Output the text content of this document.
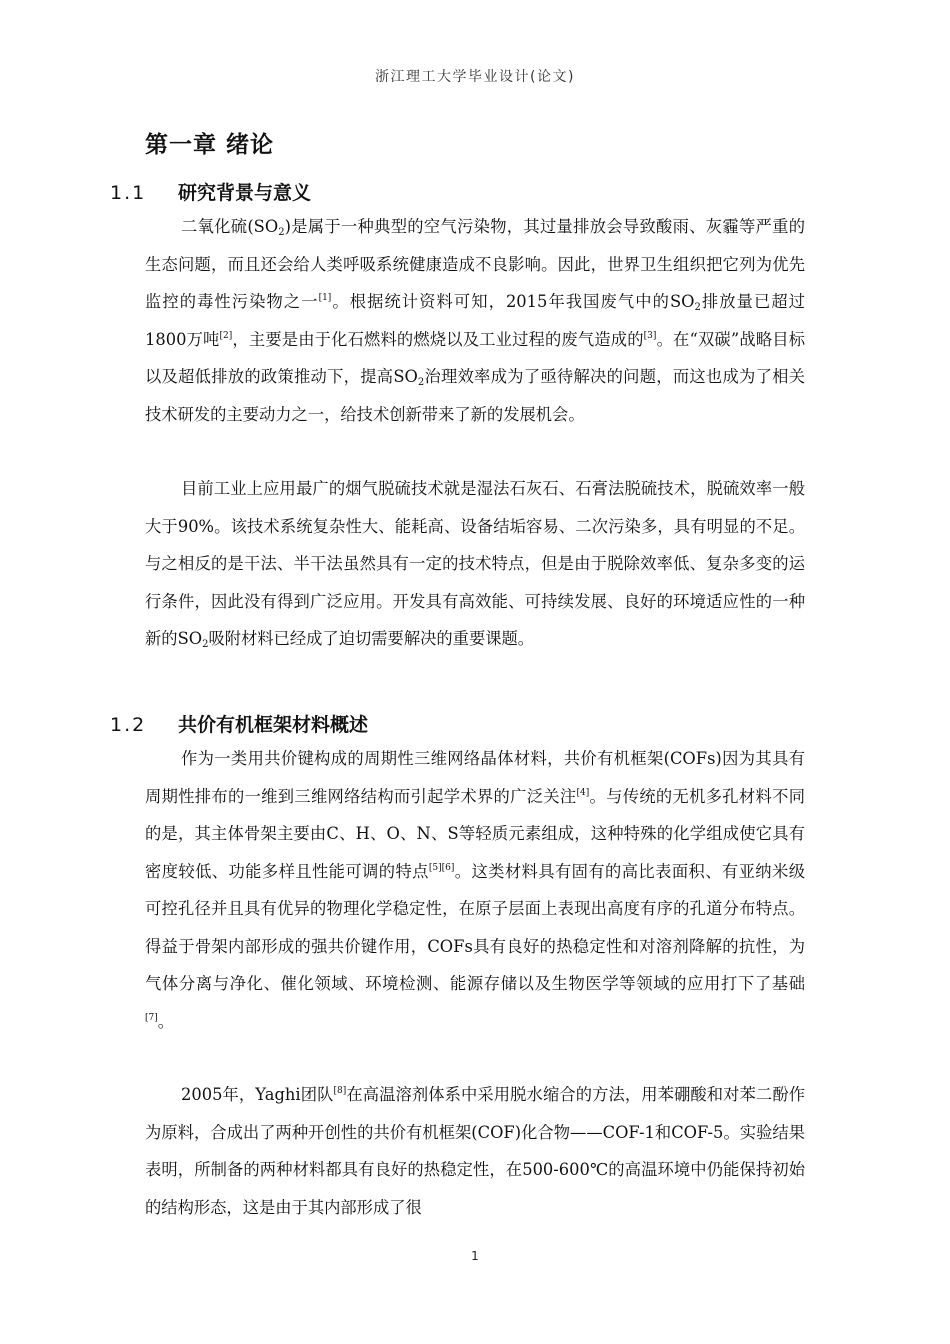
浙江理工大学毕业设计(论文)
第一章 绪论
1.1 研究背景与意义

二氧化硫$(SO_2)$是属于一种典型的空气污染物，其过量排放会导致酸雨、灰霾等严重的生态问题，而且还会给人类呼吸系统健康造成不良影响。因此，世界卫生组织把它列为优先监控的毒性污染物之一[1]。根据统计资料可知，2015年我国废气中的$SO_2$排放量已超过1800万吨[2]，主要是由于化石燃料的燃烧以及工业过程的废气造成的[3]。在“双碳”战略目标以及超低排放的政策推动下，提高$SO_2$治理效率成为了亟待解决的问题，而这也成为了相关技术研发的主要动力之一，给技术创新带来了新的发展机会。

目前工业上应用最广的烟气脱硫技术就是湿法石灰石、石膏法脱硫技术，脱硫效率一般大于90%。该技术系统复杂性大、能耗高、设备结垢容易、二次污染多，具有明显的不足。与之相反的是干法、半干法虽然具有一定的技术特点，但是由于脱除效率低、复杂多变的运行条件，因此没有得到广泛应用。开发具有高效能、可持续发展、良好的环境适应性的一种新的$SO_2$吸附材料已经成了迫切需要解决的重要课题。

1.2 共价有机框架材料概述

作为一类用共价键构成的周期性三维网络晶体材料，共价有机框架(COFs)因为其具有周期性排布的一维到三维网络结构而引起学术界的广泛关注[4]。与传统的无机多孔材料不同的是，其主体骨架主要由C、H、O、N、S等轻质元素组成，这种特殊的化学组成使它具有密度较低、功能多样且性能可调的特点[5][6]。这类材料具有固有的高比表面积、有亚纳米级可控孔径并且具有优异的物理化学稳定性，在原子层面上表现出高度有序的孔道分布特点。得益于骨架内部形成的强共价键作用，COFs具有良好的热稳定性和对溶剂降解的抗性，为气体分离与净化、催化领域、环境检测、能源存储以及生物医学等领域的应用打下了基础[7]。

2005年，Yaghi团队[8]在高温溶剂体系中采用脱水缩合的方法，用苯硼酸和对苯二酚作为原料，合成出了两种开创性的共价有机框架(COF)化合物——COF-1和COF-5。实验结果表明，所制备的两种材料都具有良好的热稳定性，在500-600℃的高温环境中仍能保持初始的结构形态，这是由于其内部形成了很

1
